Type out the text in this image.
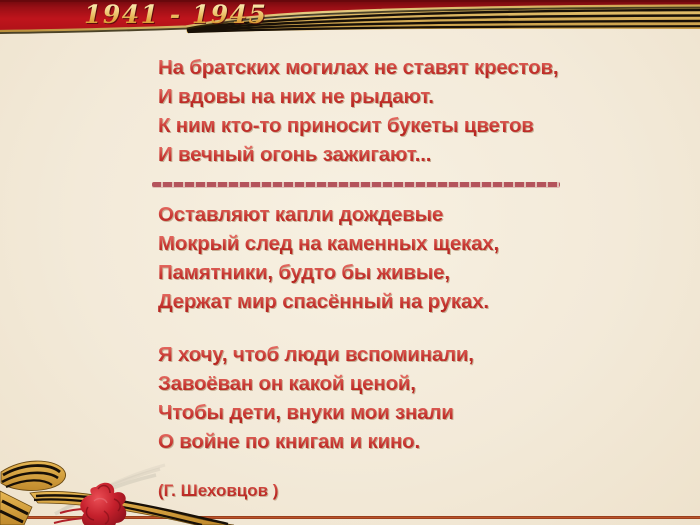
1941 - 1945
На братских могилах не ставят крестов,
И вдовы на них не рыдают.
К ним кто-то приносит букеты цветов
И вечный огонь зажигают...
Оставляют капли дождевые
Мокрый след на каменных щеках,
Памятники, будто бы живые,
Держат мир спасённый на руках.
Я хочу, чтоб люди вспоминали,
Завоёван он какой ценой,
Чтобы дети, внуки мои знали
О войне по книгам и кино.
(Г. Шеховцов )
